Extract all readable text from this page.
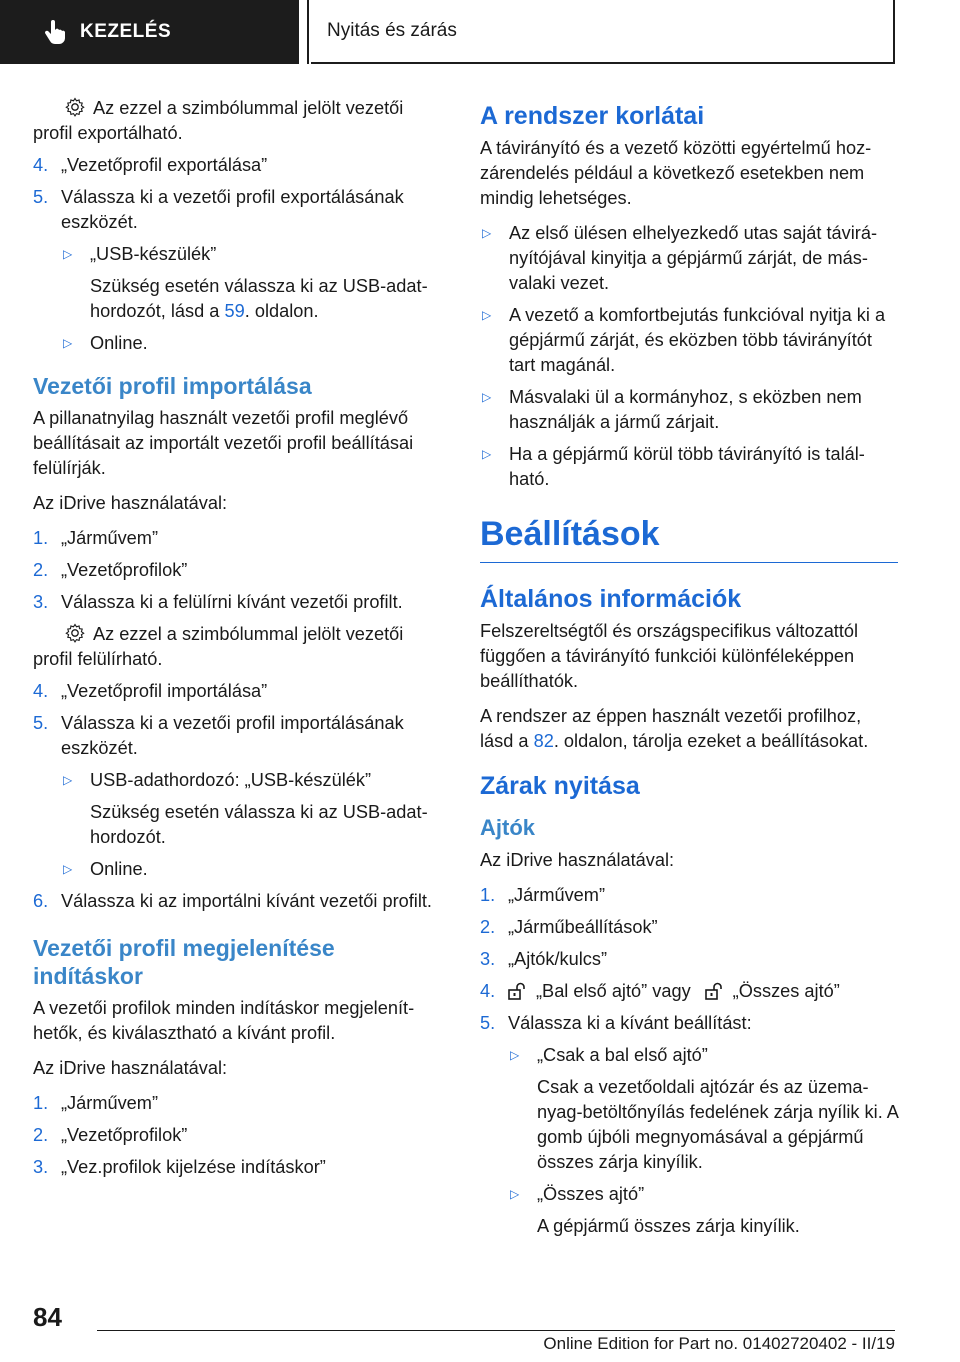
KEZELÉS	Nyitás és zárás

Az ezzel a szimbólummal jelölt vezetői profil exportálható.

4. „Vezetőprofil exportálása”
5. Válassza ki a vezetői profil exportálásának eszközét.
▷ „USB-készülék”
Szükség esetén válassza ki az USB-adathordozót, lásd a 59. oldalon.
▷ Online.
Vezetői profil importálása

A pillanatnyilag használt vezetői profil meglévő beállításait az importált vezetői profil beállításai felülírják.

Az iDrive használatával:

1. „Járművem”
2. „Vezetőprofilok”
3. Válassza ki a felülírni kívánt vezetői profilt.

Az ezzel a szimbólummal jelölt vezetői profil felülírható.

4. „Vezetőprofil importálása”
5. Válassza ki a vezetői profil importálásának eszközét.
▷ USB-adathordozó: „USB-készülék”
Szükség esetén válassza ki az USB-adathordozót.
▷ Online.
6. Válassza ki az importálni kívánt vezetői profilt.
Vezetői profil megjelenítése indításkor

A vezetői profilok minden indításkor megjeleníthetők, és kiválasztható a kívánt profil.

Az iDrive használatával:

1. „Járművem”
2. „Vezetőprofilok”
3. „Vez.profilok kijelzése indításkor”
A rendszer korlátai

A távirányító és a vezető közötti egyértelmű hozzárendelés például a következő esetekben nem mindig lehetséges.

▷ Az első ülésen elhelyezkedő utas saját távirányítójával kinyitja a gépjármű zárját, de másvalaki vezet.
▷ A vezető a komfortbejutás funkcióval nyitja ki a gépjármű zárját, és eközben több távirányítót tart magánál.
▷ Másvalaki ül a kormányhoz, s eközben nem használják a jármű zárjait.
▷ Ha a gépjármű körül több távirányító is található.
Beállítások
Általános információk

Felszereltségtől és országspecifikus változattól függően a távirányító funkciói különféleképpen beállíthatók.

A rendszer az éppen használt vezetői profilhoz, lásd a 82. oldalon, tárolja ezeket a beállításokat.

Zárak nyitása
Ajtók

Az iDrive használatával:

1. „Járművem”
2. „Járműbeállítások”
3. „Ajtók/kulcs”
4. „Bal első ajtó” vagy „Összes ajtó”
5. Válassza ki a kívánt beállítást:
▷ „Csak a bal első ajtó”
Csak a vezetőoldali ajtózár és az üzemanyag-betöltőnyílás fedelének zárja nyílik ki. A gomb újbóli megnyomásával a gépjármű összes zárja kinyílik.
▷ „Összes ajtó”
A gépjármű összes zárja kinyílik.
84
Online Edition for Part no. 01402720402 - II/19
